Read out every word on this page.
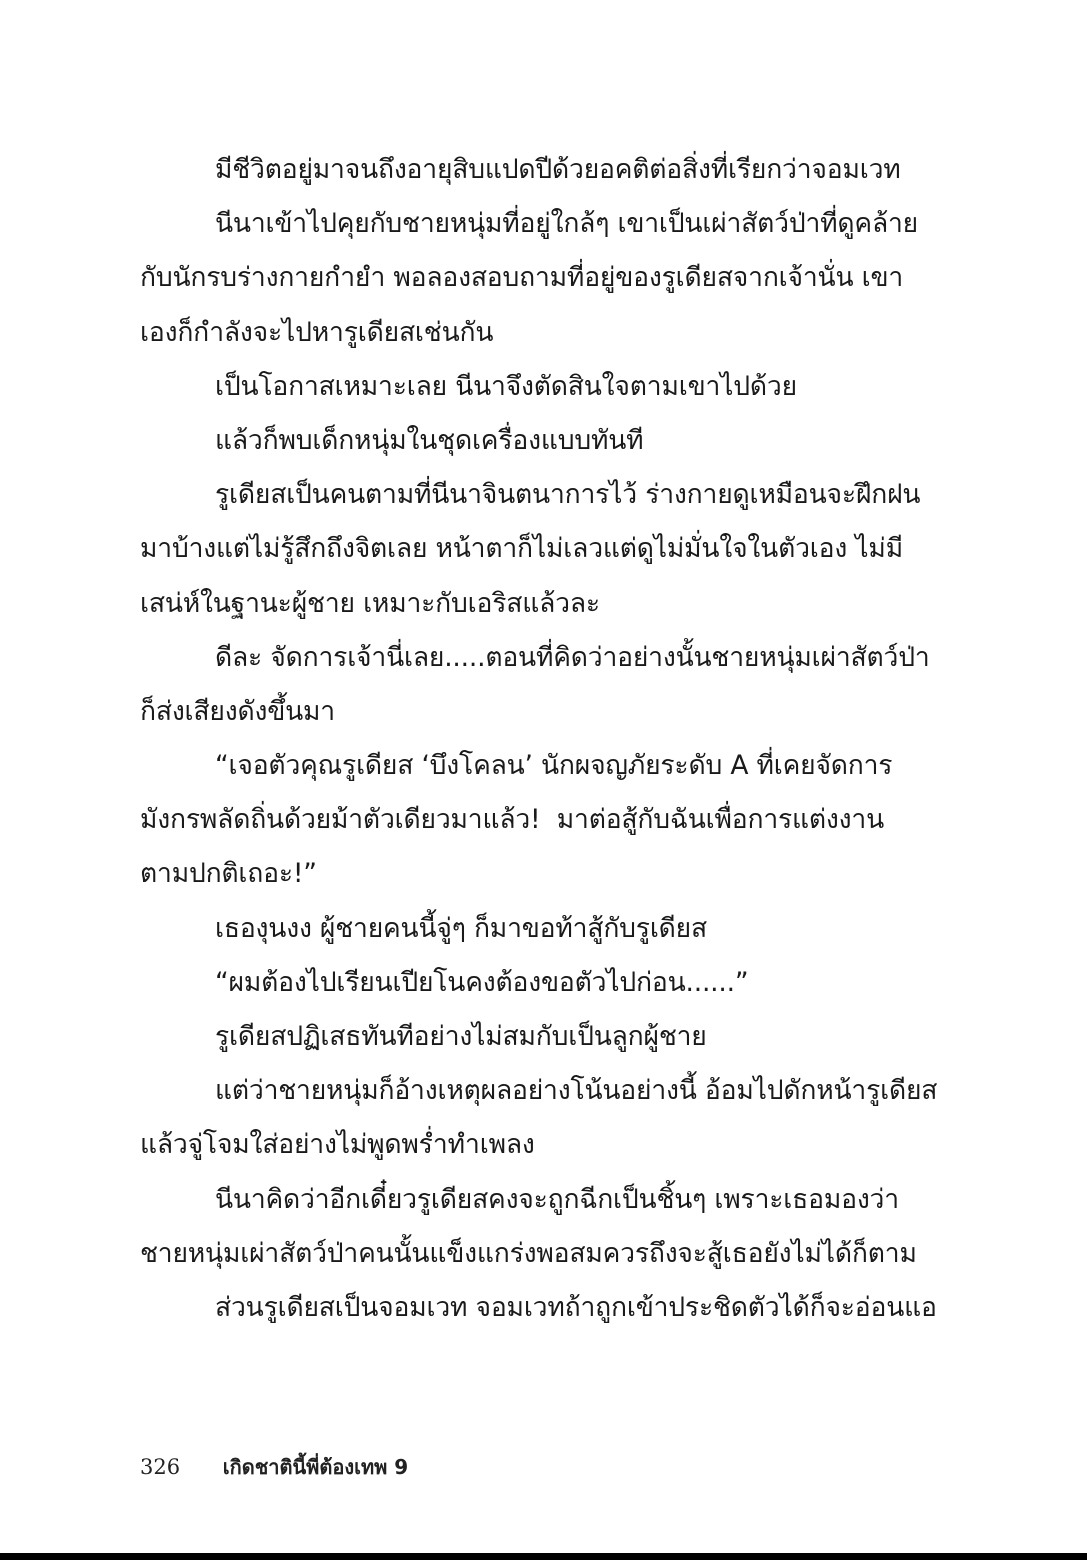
มีชีวิตอยู่มาจนถึงอายุสิบแปดปีด้วยอคติต่อสิ่งที่เรียกว่าจอมเวท
นีนาเข้าไปคุยกับชายหนุ่มที่อยู่ใกล้ๆ เขาเป็นเผ่าสัตว์ป่าที่ดูคล้าย
กับนักรบร่างกายกำยำ พอลองสอบถามที่อยู่ของรูเดียสจากเจ้านั่น เขา
เองก็กำลังจะไปหารูเดียสเช่นกัน
เป็นโอกาสเหมาะเลย นีนาจึงตัดสินใจตามเขาไปด้วย
แล้วก็พบเด็กหนุ่มในชุดเครื่องแบบทันที
รูเดียสเป็นคนตามที่นีนาจินตนาการไว้ ร่างกายดูเหมือนจะฝึกฝน
มาบ้างแต่ไม่รู้สึกถึงจิตเลย หน้าตาก็ไม่เลวแต่ดูไม่มั่นใจในตัวเอง ไม่มี
เสน่ห์ในฐานะผู้ชาย เหมาะกับเอริสแล้วละ
ดีละ จัดการเจ้านี่เลย.....ตอนที่คิดว่าอย่างนั้นชายหนุ่มเผ่าสัตว์ป่า
ก็ส่งเสียงดังขึ้นมา
“เจอตัวคุณรูเดียส ‘บึงโคลน’ นักผจญภัยระดับ A ที่เคยจัดการ
มังกรพลัดถิ่นด้วยม้าตัวเดียวมาแล้ว! มาต่อสู้กับฉันเพื่อการแต่งงาน
ตามปกติเถอะ!”
เธองุนงง ผู้ชายคนนี้จู่ๆ ก็มาขอท้าสู้กับรูเดียส
“ผมต้องไปเรียนเปียโนคงต้องขอตัวไปก่อน......”
รูเดียสปฏิเสธทันทีอย่างไม่สมกับเป็นลูกผู้ชาย
แต่ว่าชายหนุ่มก็อ้างเหตุผลอย่างโน้นอย่างนี้ อ้อมไปดักหน้ารูเดียส
แล้วจู่โจมใส่อย่างไม่พูดพร่ำทำเพลง
นีนาคิดว่าอีกเดี๋ยวรูเดียสคงจะถูกฉีกเป็นชิ้นๆ เพราะเธอมองว่า
ชายหนุ่มเผ่าสัตว์ป่าคนนั้นแข็งแกร่งพอสมควรถึงจะสู้เธอยังไม่ได้ก็ตาม
ส่วนรูเดียสเป็นจอมเวท จอมเวทถ้าถูกเข้าประชิดตัวได้ก็จะอ่อนแอ
326 เกิดชาตินี้พี่ต้องเทพ 9
